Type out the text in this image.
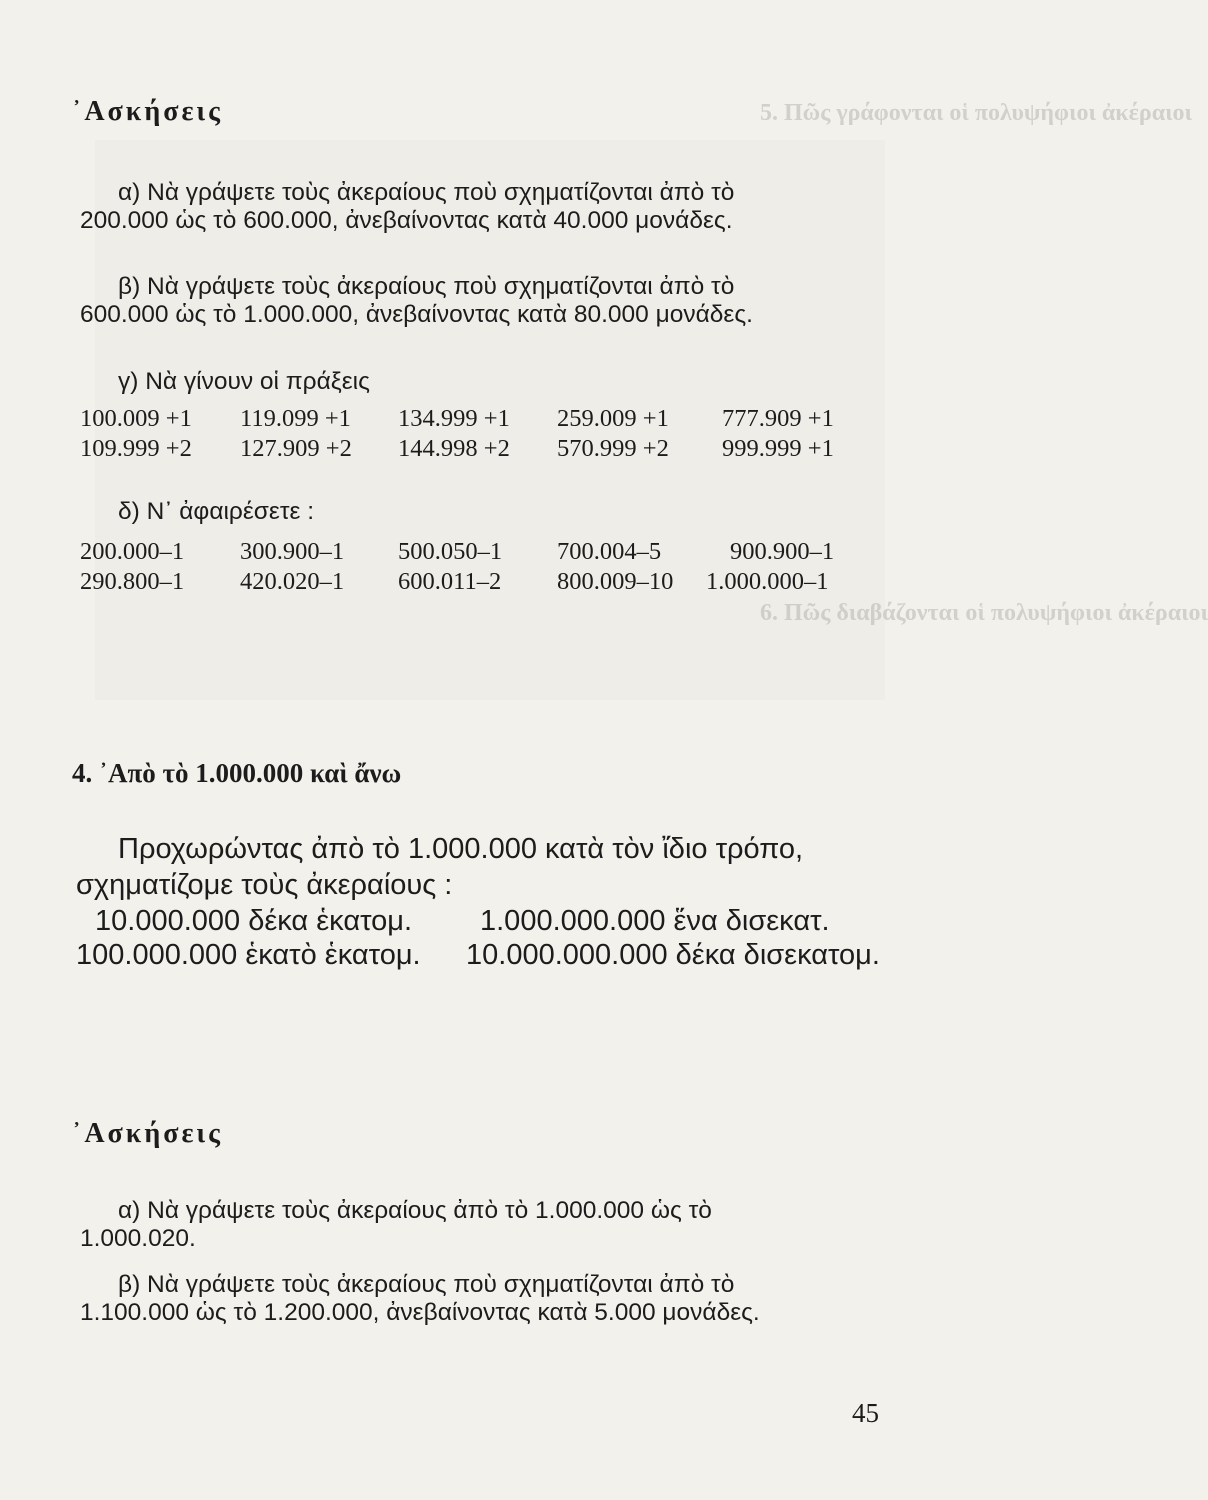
5. Πῶς γράφονται οἱ πολυψήφιοι ἀκέραιοι
6. Πῶς διαβάζονται οἱ πολυψήφιοι ἀκέραιοι
᾿Ασκήσεις
α) Νὰ γράψετε τοὺς ἀκεραίους ποὺ σχηματίζονται ἀπὸ τὸ
200.000 ὡς τὸ 600.000, ἀνεβαίνοντας κατὰ 40.000 μονάδες.
β) Νὰ γράψετε τοὺς ἀκεραίους ποὺ σχηματίζονται ἀπὸ τὸ
600.000 ὡς τὸ 1.000.000, ἀνεβαίνοντας κατὰ 80.000 μονάδες.
γ) Νὰ γίνουν οἱ πράξεις
100.009 +1 119.099 +1 134.999 +1 259.009 +1 777.909 +1
109.999 +2 127.909 +2 144.998 +2 570.999 +2 999.999 +1
δ) Ν᾿ ἀφαιρέσετε :
200.000–1 300.900–1 500.050–1 700.004–5	900.900–1
290.800–1 420.020–1 600.011–2 800.009–10 1.000.000–1
4. ᾿Απὸ τὸ 1.000.000 καὶ ἄνω
Προχωρώντας ἀπὸ τὸ 1.000.000 κατὰ τὸν ἴδιο τρόπο,
σχηματίζομε τοὺς ἀκεραίους :
10.000.000 δέκα ἑκατομ. 1.000.000.000 ἕνα δισεκατ.
100.000.000 ἑκατὸ ἑκατομ. 10.000.000.000 δέκα δισεκατομ.
᾿Ασκήσεις
α) Νὰ γράψετε τοὺς ἀκεραίους ἀπὸ τὸ 1.000.000 ὡς τὸ
1.000.020.
β) Νὰ γράψετε τοὺς ἀκεραίους ποὺ σχηματίζονται ἀπὸ τὸ
1.100.000 ὡς τὸ 1.200.000, ἀνεβαίνοντας κατὰ 5.000 μονάδες.
45
